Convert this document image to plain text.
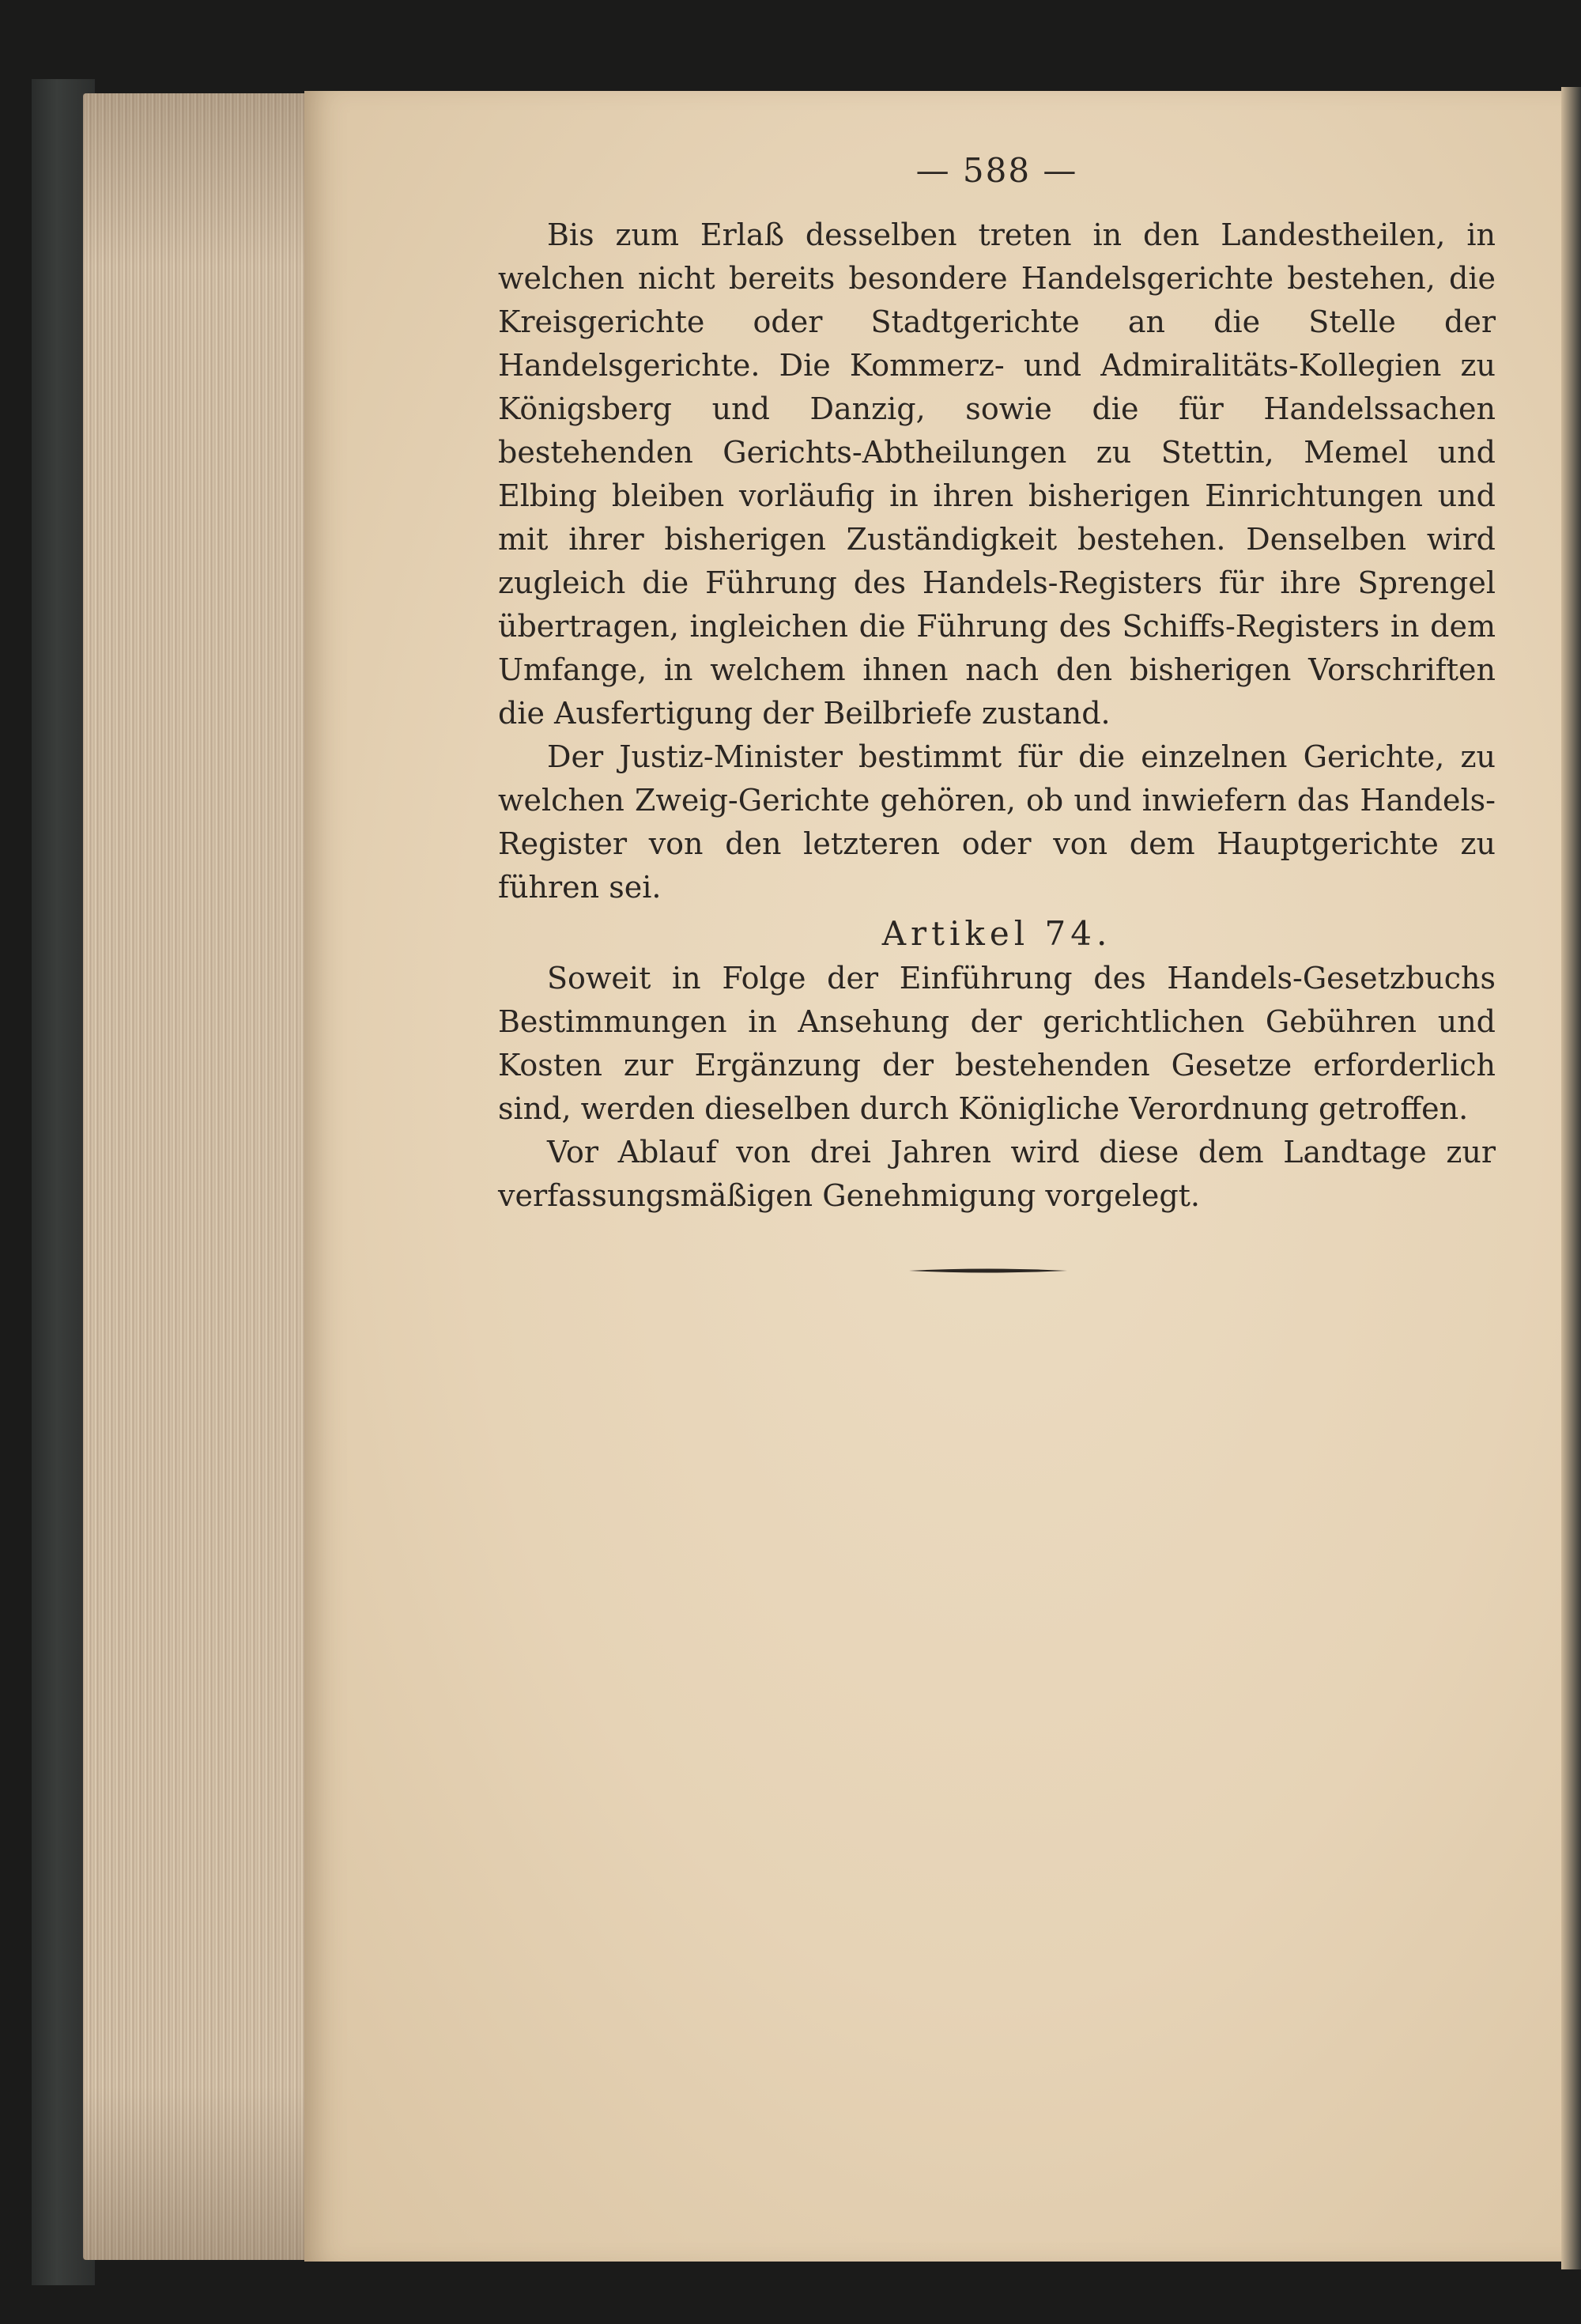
— 588 —

Bis zum Erlaß desselben treten in den Landestheilen, in welchen nicht bereits besondere Handelsgerichte bestehen, die Kreisgerichte oder Stadtgerichte an die Stelle der Handelsgerichte. Die Kommerz- und Admiralitäts-Kollegien zu Königsberg und Danzig, sowie die für Handelssachen bestehenden Gerichts-Abtheilungen zu Stettin, Memel und Elbing bleiben vorläufig in ihren bisherigen Einrichtungen und mit ihrer bisherigen Zuständigkeit bestehen. Denselben wird zugleich die Führung des Handels-Registers für ihre Sprengel übertragen, ingleichen die Führung des Schiffs-Registers in dem Umfange, in welchem ihnen nach den bisherigen Vorschriften die Ausfertigung der Beilbriefe zustand.

Der Justiz-Minister bestimmt für die einzelnen Gerichte, zu welchen Zweig-Gerichte gehören, ob und inwiefern das Handels-Register von den letzteren oder von dem Hauptgerichte zu führen sei.

Artikel 74.

Soweit in Folge der Einführung des Handels-Gesetzbuchs Bestimmungen in Ansehung der gerichtlichen Gebühren und Kosten zur Ergänzung der bestehenden Gesetze erforderlich sind, werden dieselben durch Königliche Verordnung getroffen.

Vor Ablauf von drei Jahren wird diese dem Landtage zur verfassungsmäßigen Genehmigung vorgelegt.
